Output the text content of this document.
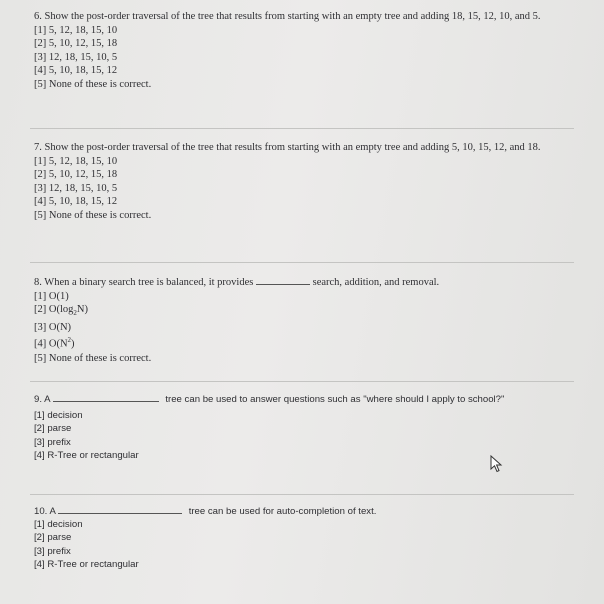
6. Show the post-order traversal of the tree that results from starting with an empty tree and adding 18, 15, 12, 10, and 5.
[1] 5, 12, 18, 15, 10
[2] 5, 10, 12, 15, 18
[3] 12, 18, 15, 10, 5
[4] 5, 10, 18, 15, 12
[5] None of these is correct.
7. Show the post-order traversal of the tree that results from starting with an empty tree and adding 5, 10, 15, 12, and 18.
[1] 5, 12, 18, 15, 10
[2] 5, 10, 12, 15, 18
[3] 12, 18, 15, 10, 5
[4] 5, 10, 18, 15, 12
[5] None of these is correct.
8. When a binary search tree is balanced, it provides	search, addition, and removal.
[1] O(1)
[2] $O(\log_2N)$
[3] O(N)
[4] $O(N^2)$
[5] None of these is correct.
9. A	tree can be used to answer questions such as "where should I apply to school?"
[1] decision
[2] parse
[3] prefix
[4] R-Tree or rectangular
10. A	tree can be used for auto-completion of text.
[1] decision
[2] parse
[3] prefix
[4] R-Tree or rectangular
